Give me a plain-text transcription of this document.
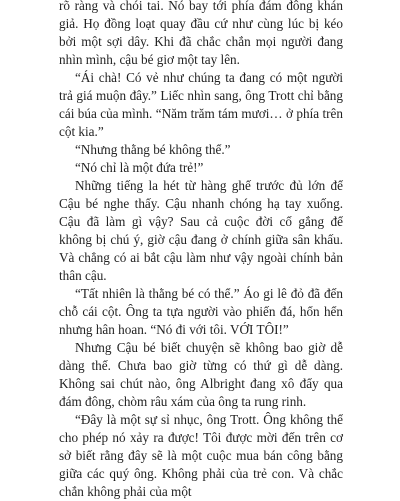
rõ ràng và chói tai. Nó bay tới phía đám đông khán giả. Họ đồng loạt quay đầu cứ như cùng lúc bị kéo bởi một sợi dây. Khi đã chắc chắn mọi người đang nhìn mình, cậu bé giơ một tay lên.

“Ái chà! Có vẻ như chúng ta đang có một người trả giá muộn đây.” Liếc nhìn sang, ông Trott chỉ bằng cái búa của mình. “Năm trăm tám mươi… ở phía trên cột kia.”

“Nhưng thằng bé không thể.”

“Nó chỉ là một đứa trẻ!”

Những tiếng la hét từ hàng ghế trước đủ lớn để Cậu bé nghe thấy. Cậu nhanh chóng hạ tay xuống. Cậu đã làm gì vậy? Sau cả cuộc đời cố gắng để không bị chú ý, giờ cậu đang ở chính giữa sân khấu. Và chẳng có ai bắt cậu làm như vậy ngoài chính bản thân cậu.

“Tất nhiên là thằng bé có thể.” Áo gi lê đỏ đã đến chỗ cái cột. Ông ta tựa người vào phiến đá, hổn hển nhưng hân hoan. “Nó đi với tôi. VỚI TÔI!”

Nhưng Cậu bé biết chuyện sẽ không bao giờ dễ dàng thế. Chưa bao giờ từng có thứ gì dễ dàng. Không sai chút nào, ông Albright đang xô đẩy qua đám đông, chòm râu xám của ông ta rung rinh.

“Đây là một sự sỉ nhục, ông Trott. Ông không thể cho phép nó xảy ra được! Tôi được mời đến trên cơ sở biết rằng đây sẽ là một cuộc mua bán công bằng giữa các quý ông. Không phải của trẻ con. Và chắc chắn không phải của một
